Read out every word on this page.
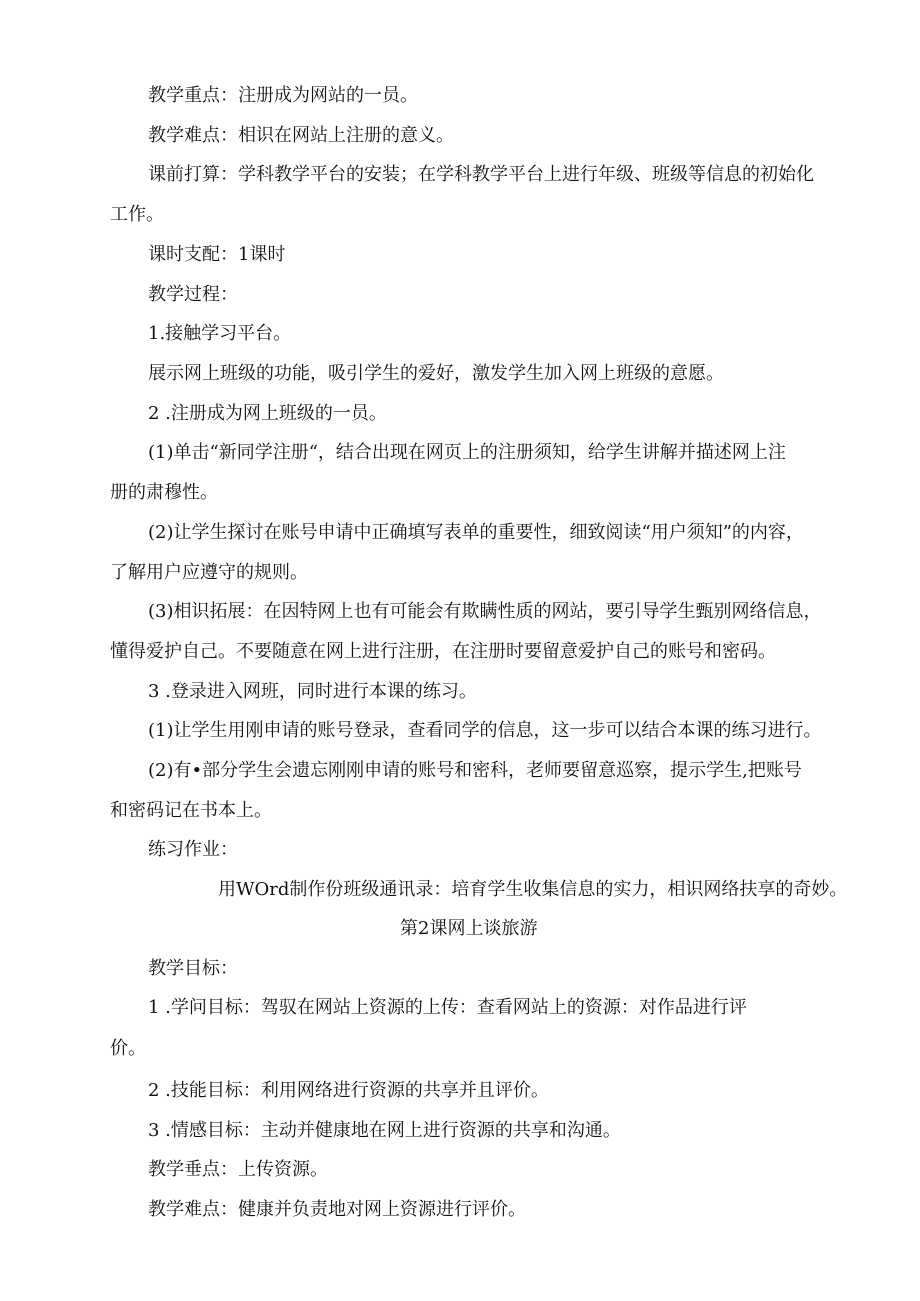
教学重点：注册成为网站的一员。
教学难点：相识在网站上注册的意义。
课前打算：学科教学平台的安装；在学科教学平台上进行年级、班级等信息的初始化
工作。
课时支配：1课时
教学过程：
1.接触学习平台。
展示网上班级的功能，吸引学生的爱好，激发学生加入网上班级的意愿。
2 .注册成为网上班级的一员。
(1)单击“新同学注册“，结合出现在网页上的注册须知，给学生讲解并描述网上注
册的肃穆性。
(2)让学生探讨在账号申请中正确填写表单的重要性，细致阅读“用户须知”的内容，
了解用户应遵守的规则。
(3)相识拓展：在因特网上也有可能会有欺瞒性质的网站，要引导学生甄别网络信息，
懂得爱护自己。不要随意在网上进行注册，在注册时要留意爱护自己的账号和密码。
3 .登录进入网班，同时进行本课的练习。
(1)让学生用刚申请的账号登录，查看同学的信息，这一步可以结合本课的练习进行。
(2)有•部分学生会遗忘刚刚申请的账号和密科，老师要留意巡察，提示学生,把账号
和密码记在书本上。
练习作业：
用WOrd制作份班级通讯录：培育学生收集信息的实力，相识网络扶享的奇妙。
第2课网上谈旅游
教学目标：
1 .学问目标：驾驭在网站上资源的上传：查看网站上的资源：对作品进行评
价。
2 .技能目标：利用网络进行资源的共享并且评价。
3 .情感目标：主动并健康地在网上进行资源的共享和沟通。
教学垂点：上传资源。
教学难点：健康并负责地对网上资源进行评价。
